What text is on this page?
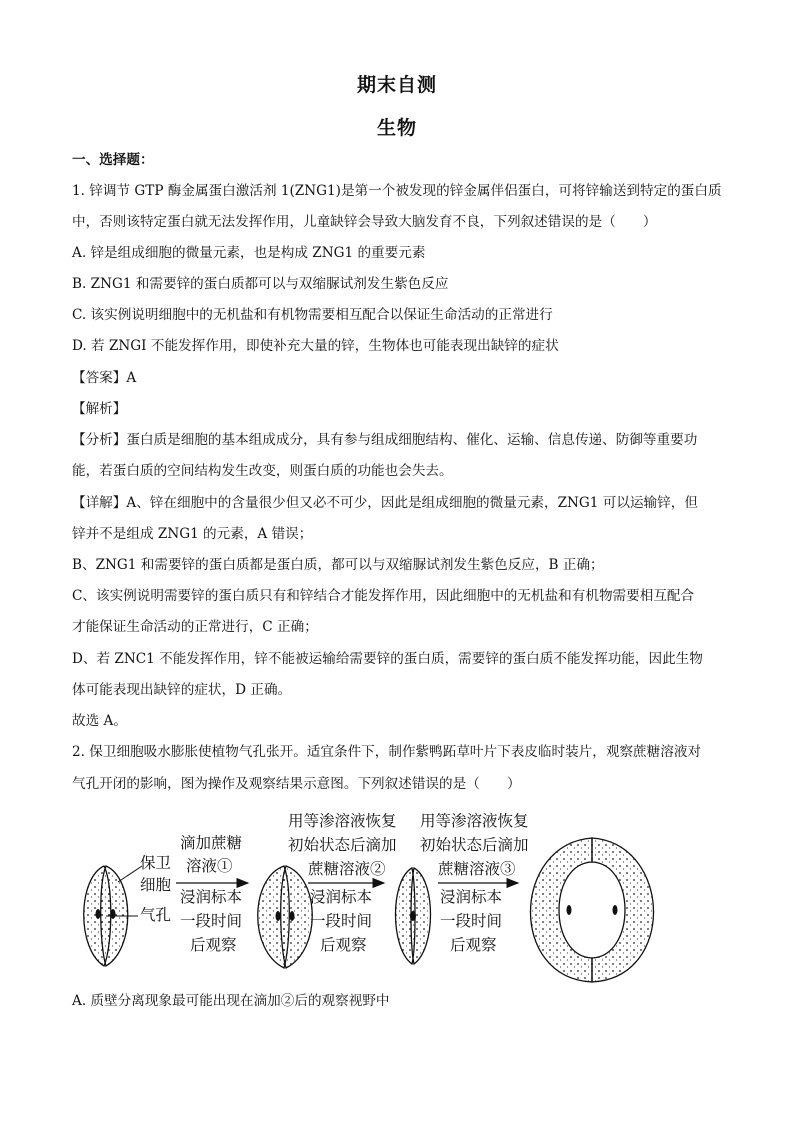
期末自测
生物
一、选择题：
1. 锌调节 GTP 酶金属蛋白激活剂 1(ZNG1)是第一个被发现的锌金属伴侣蛋白，可将锌输送到特定的蛋白质
中，否则该特定蛋白就无法发挥作用，儿童缺锌会导致大脑发育不良，下列叙述错误的是（　　）
A. 锌是组成细胞的微量元素，也是构成 ZNG1 的重要元素
B. ZNG1 和需要锌的蛋白质都可以与双缩脲试剂发生紫色反应
C. 该实例说明细胞中的无机盐和有机物需要相互配合以保证生命活动的正常进行
D. 若 ZNGI 不能发挥作用，即使补充大量的锌，生物体也可能表现出缺锌的症状
【答案】A
【解析】
【分析】蛋白质是细胞的基本组成成分，具有参与组成细胞结构、催化、运输、信息传递、防御等重要功
能，若蛋白质的空间结构发生改变，则蛋白质的功能也会失去。
【详解】A、锌在细胞中的含量很少但又必不可少，因此是组成细胞的微量元素，ZNG1 可以运输锌，但
锌并不是组成 ZNG1 的元素，A 错误；
B、ZNG1 和需要锌的蛋白质都是蛋白质，都可以与双缩脲试剂发生紫色反应，B 正确；
C、该实例说明需要锌的蛋白质只有和锌结合才能发挥作用，因此细胞中的无机盐和有机物需要相互配合
才能保证生命活动的正常进行，C 正确；
D、若 ZNC1 不能发挥作用，锌不能被运输给需要锌的蛋白质，需要锌的蛋白质不能发挥功能，因此生物
体可能表现出缺锌的症状，D 正确。
故选 A。
2. 保卫细胞吸水膨胀使植物气孔张开。适宜条件下，制作紫鸭跖草叶片下表皮临时装片，观察蔗糖溶液对
气孔开闭的影响，图为操作及观察结果示意图。下列叙述错误的是（　　）
保卫
细胞
气孔
滴加蔗糖
溶液①
浸润标本
一段时间
后观察
用等渗溶液恢复
初始状态后滴加
蔗糖溶液②
浸润标本
一段时间
后观察
用等渗溶液恢复
初始状态后滴加
蔗糖溶液③
浸润标本
一段时间
后观察
A. 质壁分离现象最可能出现在滴加②后的观察视野中
